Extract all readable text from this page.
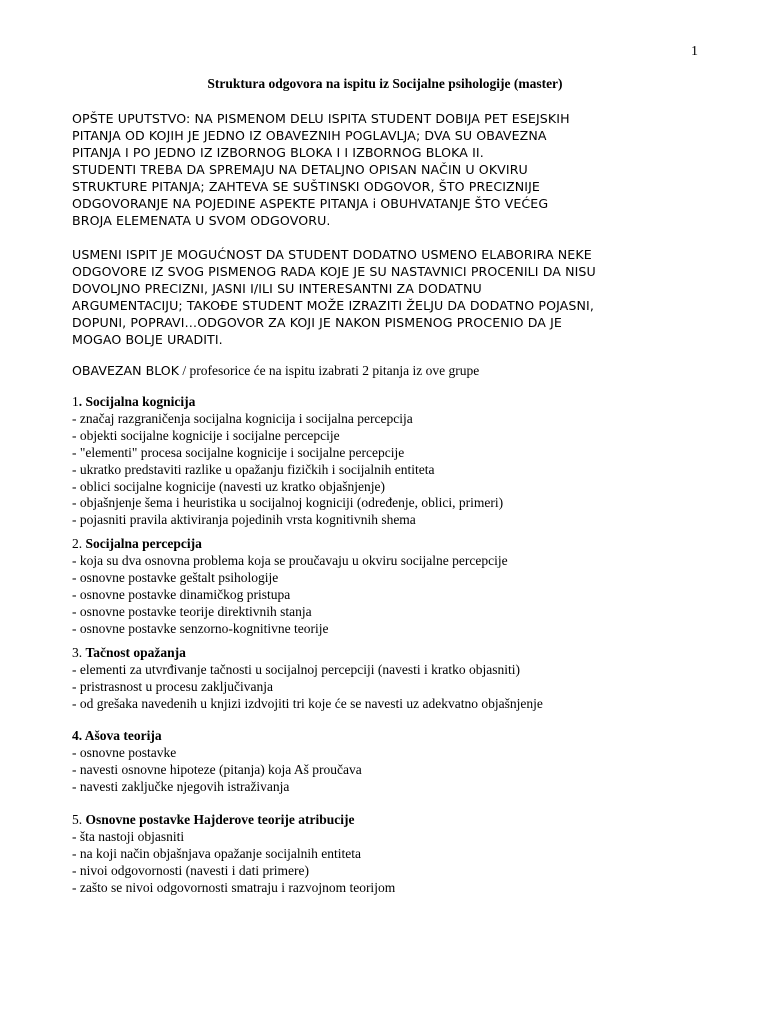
1
Struktura odgovora na ispitu iz Socijalne psihologije (master)
OPŠTE UPUTSTVO: NA PISMENOM DELU ISPITA STUDENT DOBIJA PET ESEJSKIH
PITANJA OD KOJIH JE JEDNO IZ OBAVEZNIH POGLAVLJA; DVA SU OBAVEZNA
PITANJA I PO JEDNO IZ IZBORNOG BLOKA I I IZBORNOG BLOKA II.
STUDENTI TREBA DA SPREMAJU NA DETALJNO OPISAN NAČIN U OKVIRU
STRUKTURE PITANJA; ZAHTEVA SE SUŠTINSKI ODGOVOR, ŠTO PRECIZNIJE
ODGOVORANJE NA POJEDINE ASPEKTE PITANJA i OBUHVATANJE ŠTO VEĆEG
BROJA ELEMENATA U SVOM ODGOVORU.
USMENI ISPIT JE MOGUĆNOST DA STUDENT DODATNO USMENO ELABORIRA NEKE
ODGOVORE IZ SVOG PISMENOG RADA KOJE JE SU NASTAVNICI PROCENILI DA NISU
DOVOLJNO PRECIZNI, JASNI I/ILI SU INTERESANTNI ZA DODATNU
ARGUMENTACIJU; TAKOĐE STUDENT MOŽE IZRAZITI ŽELJU DA DODATNO POJASNI,
DOPUNI, POPRAVI…ODGOVOR ZA KOJI JE NAKON PISMENOG PROCENIO DA JE
MOGAO BOLJE URADITI.
OBAVEZAN BLOK / profesorice će na ispitu izabrati 2 pitanja iz ove grupe
1. Socijalna kognicija
- značaj razgraničenja socijalna kognicija i socijalna percepcija
- objekti socijalne kognicije i socijalne percepcije
- "elementi" procesa socijalne kognicije i socijalne percepcije
- ukratko predstaviti razlike u opažanju fizičkih i socijalnih entiteta
- oblici socijalne kognicije (navesti uz kratko objašnjenje)
- objašnjenje šema i heuristika u socijalnoj kogniciji (određenje, oblici, primeri)
- pojasniti pravila aktiviranja pojedinih vrsta kognitivnih shema
2. Socijalna percepcija
- koja su dva osnovna problema koja se proučavaju u okviru socijalne percepcije
- osnovne postavke geštalt psihologije
- osnovne postavke dinamičkog pristupa
- osnovne postavke teorije direktivnih stanja
- osnovne postavke senzorno-kognitivne teorije
3. Tačnost opažanja
- elementi za utvrđivanje tačnosti u socijalnoj percepciji (navesti i kratko objasniti)
- pristrasnost u procesu zaključivanja
- od grešaka navedenih u knjizi izdvojiti tri koje će se navesti uz adekvatno objašnjenje
4. Ašova teorija
- osnovne postavke
- navesti osnovne hipoteze (pitanja) koja Aš proučava
- navesti zaključke njegovih istraživanja
5. Osnovne postavke Hajderove teorije atribucije
- šta nastoji objasniti
- na koji način objašnjava opažanje socijalnih entiteta
- nivoi odgovornosti (navesti i dati primere)
- zašto se nivoi odgovornosti smatraju i razvojnom teorijom
